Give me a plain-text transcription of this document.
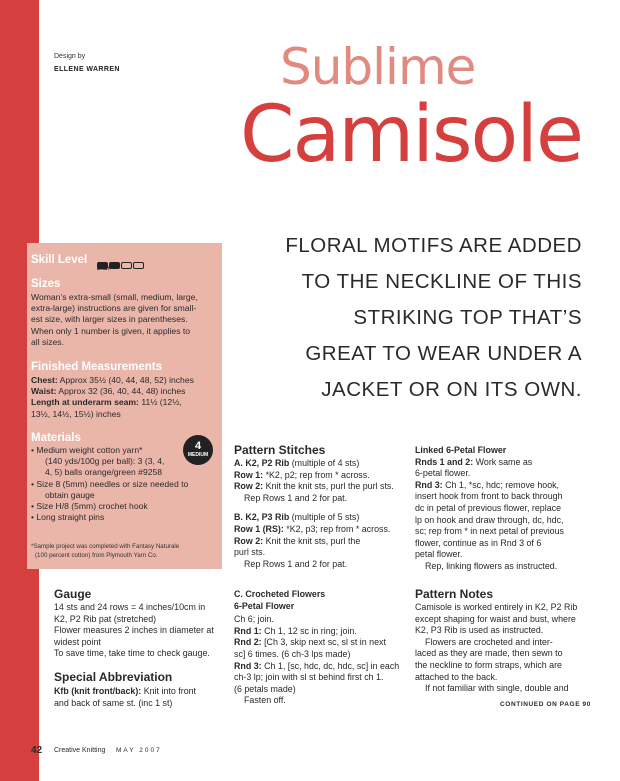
Design by
ELLENE WARREN	Sublime
Camisole
FLORAL MOTIFS ARE ADDED
TO THE NECKLINE OF THIS
STRIKING TOP THAT’S
GREAT TO WEAR UNDER A
JACKET OR ON ITS OWN.
Skill Level
EASY
Sizes
Woman’s extra-small (small, medium, large,
extra-large) instructions are given for small-
est size, with larger sizes in parentheses.
When only 1 number is given, it applies to
all sizes.
Finished Measurements
Chest: Approx 35½ (40, 44, 48, 52) inches
Waist: Approx 32 (36, 40, 44, 48) inches
Length at underarm seam: 11½ (12½,
13½, 14½, 15½) inches
Materials
4
MEDIUM
• Medium weight cotton yarn*
(140 yds/100g per ball): 3 (3, 4,
4, 5) balls orange/green #9258
• Size 8 (5mm) needles or size needed to
obtain gauge
• Size H/8 (5mm) crochet hook
• Long straight pins
*Sample project was completed with Fantasy Naturale
(100 percent cotton) from Plymouth Yarn Co.
Gauge

14 sts and 24 rows = 4 inches/10cm in

K2, P2 Rib pat (stretched)

Flower measures 2 inches in diameter at

widest point

To save time, take time to check gauge.

Special Abbreviation

Kfb (knit front/back): Knit into front

and back of same st. (inc 1 st)

Pattern Stitches

A. K2, P2 Rib (multiple of 4 sts)

Row 1: *K2, p2; rep from * across.

Row 2: Knit the knit sts, purl the purl sts.

Rep Rows 1 and 2 for pat.

B. K2, P3 Rib (multiple of 5 sts)

Row 1 (RS): *K2, p3; rep from * across.

Row 2: Knit the knit sts, purl the

purl sts.

Rep Rows 1 and 2 for pat.

C. Crocheted Flowers

6-Petal Flower

Ch 6; join.

Rnd 1: Ch 1, 12 sc in ring; join.

Rnd 2: [Ch 3, skip next sc, sl st in next

sc] 6 times. (6 ch-3 lps made)

Rnd 3: Ch 1, [sc, hdc, dc, hdc, sc] in each

ch-3 lp; join with sl st behind first ch 1.

(6 petals made)

Fasten off.

Linked 6-Petal Flower

Rnds 1 and 2: Work same as

6-petal flower.

Rnd 3: Ch 1, *sc, hdc; remove hook,

insert hook from front to back through

dc in petal of previous flower, replace

lp on hook and draw through, dc, hdc,

sc; rep from * in next petal of previous

flower, continue as in Rnd 3 of 6

petal flower.

Rep, linking flowers as instructed.

Pattern Notes

Camisole is worked entirely in K2, P2 Rib

except shaping for waist and bust, where

K2, P3 Rib is used as instructed.

Flowers are crocheted and inter-

laced as they are made, then sewn to

the neckline to form straps, which are

attached to the back.

If not familiar with single, double and

CONTINUED ON PAGE 90
42 Creative Knitting MAY 2007
